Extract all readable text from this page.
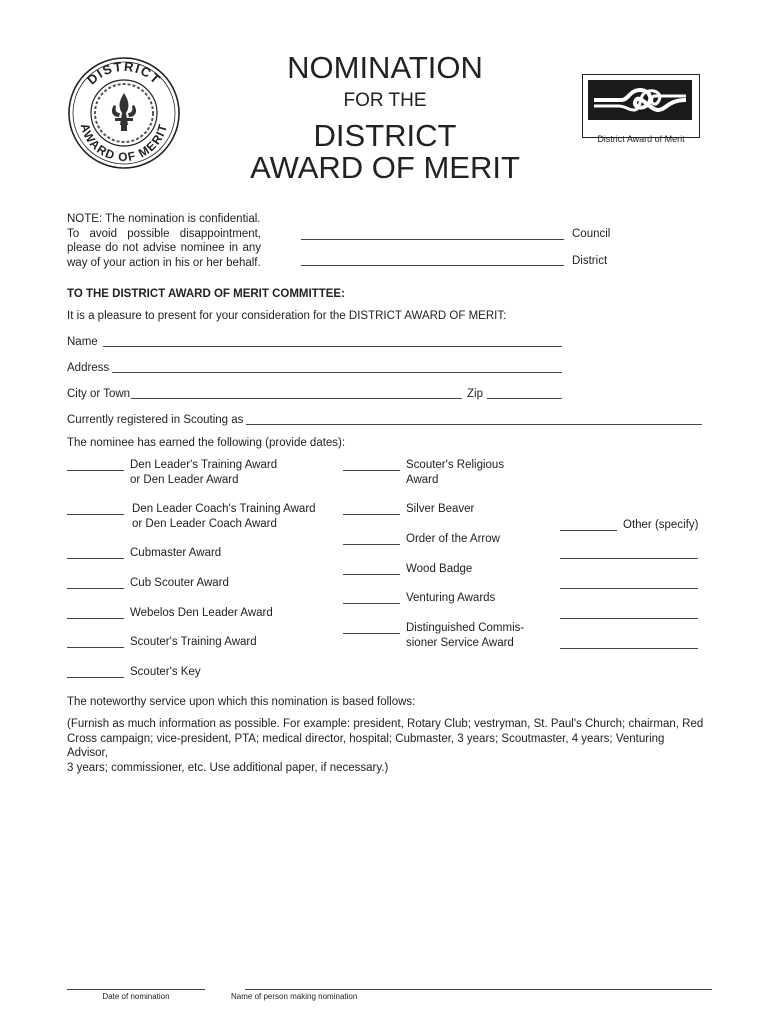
DISTRICT
AWARD OF MERIT
NOMINATION
FOR THE
DISTRICT
AWARD OF MERIT
District Award of Merit
NOTE: The nomination is confidential.
To avoid possible disappointment,
please do not advise nominee in any
way of your action in his or her behalf.
Council
District
TO THE DISTRICT AWARD OF MERIT COMMITTEE:
It is a pleasure to present for your consideration for the DISTRICT AWARD OF MERIT:
Name
Address
City or Town	Zip
Currently registered in Scouting as
The nominee has earned the following (provide dates):
Den Leader's Training Award
or Den Leader Award
Den Leader Coach's Training Award
or Den Leader Coach Award
Cubmaster Award
Cub Scouter Award
Webelos Den Leader Award
Scouter's Training Award
Scouter's Key
Scouter's Religious
Award
Silver Beaver
Order of the Arrow
Wood Badge
Venturing Awards
Distinguished Commis-
sioner Service Award
Other (specify)
The noteworthy service upon which this nomination is based follows:
(Furnish as much information as possible. For example: president, Rotary Club; vestryman, St. Paul's Church; chairman, Red
Cross campaign; vice-president, PTA; medical director, hospital; Cubmaster, 3 years; Scoutmaster, 4 years; Venturing Advisor,
3 years; commissioner, etc. Use additional paper, if necessary.)
Date of nomination	Name of person making nomination
